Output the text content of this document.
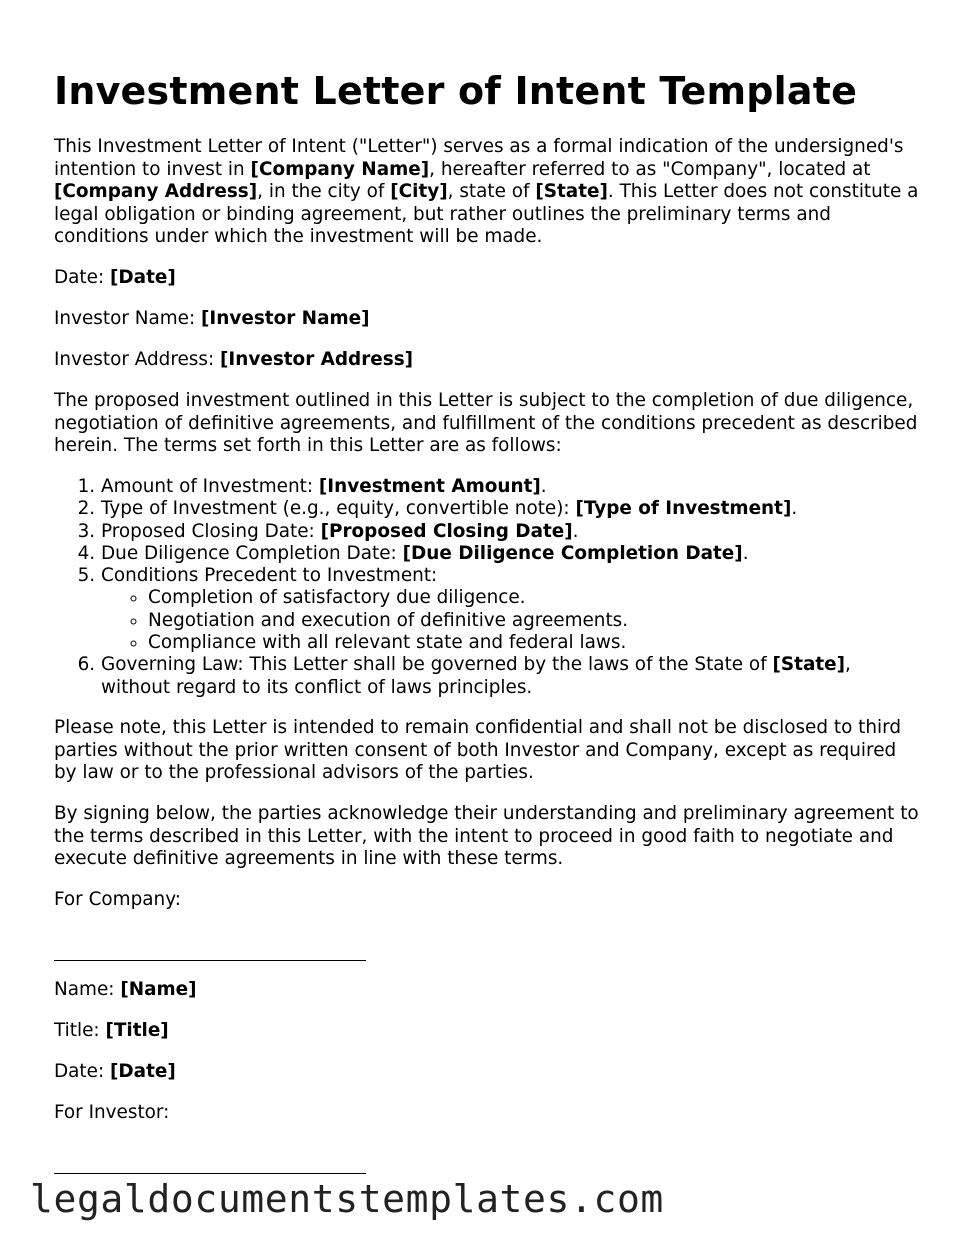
Investment Letter of Intent Template

This Investment Letter of Intent ("Letter") serves as a formal indication of the undersigned's intention to invest in [Company Name], hereafter referred to as "Company", located at [Company Address], in the city of [City], state of [State]. This Letter does not constitute a legal obligation or binding agreement, but rather outlines the preliminary terms and conditions under which the investment will be made.

Date: [Date]

Investor Name: [Investor Name]

Investor Address: [Investor Address]

The proposed investment outlined in this Letter is subject to the completion of due diligence, negotiation of definitive agreements, and fulfillment of the conditions precedent as described herein. The terms set forth in this Letter are as follows:

1. Amount of Investment: [Investment Amount].
2. Type of Investment (e.g., equity, convertible note): [Type of Investment].
3. Proposed Closing Date: [Proposed Closing Date].
4. Due Diligence Completion Date: [Due Diligence Completion Date].
5. Conditions Precedent to Investment:
◦ Completion of satisfactory due diligence.
◦ Negotiation and execution of definitive agreements.
◦ Compliance with all relevant state and federal laws.
6. Governing Law: This Letter shall be governed by the laws of the State of [State], without regard to its conflict of laws principles.

Please note, this Letter is intended to remain confidential and shall not be disclosed to third parties without the prior written consent of both Investor and Company, except as required by law or to the professional advisors of the parties.

By signing below, the parties acknowledge their understanding and preliminary agreement to the terms described in this Letter, with the intent to proceed in good faith to negotiate and execute definitive agreements in line with these terms.

For Company:

Name: [Name]

Title: [Title]

Date: [Date]

For Investor:

legaldocumentstemplates.com
